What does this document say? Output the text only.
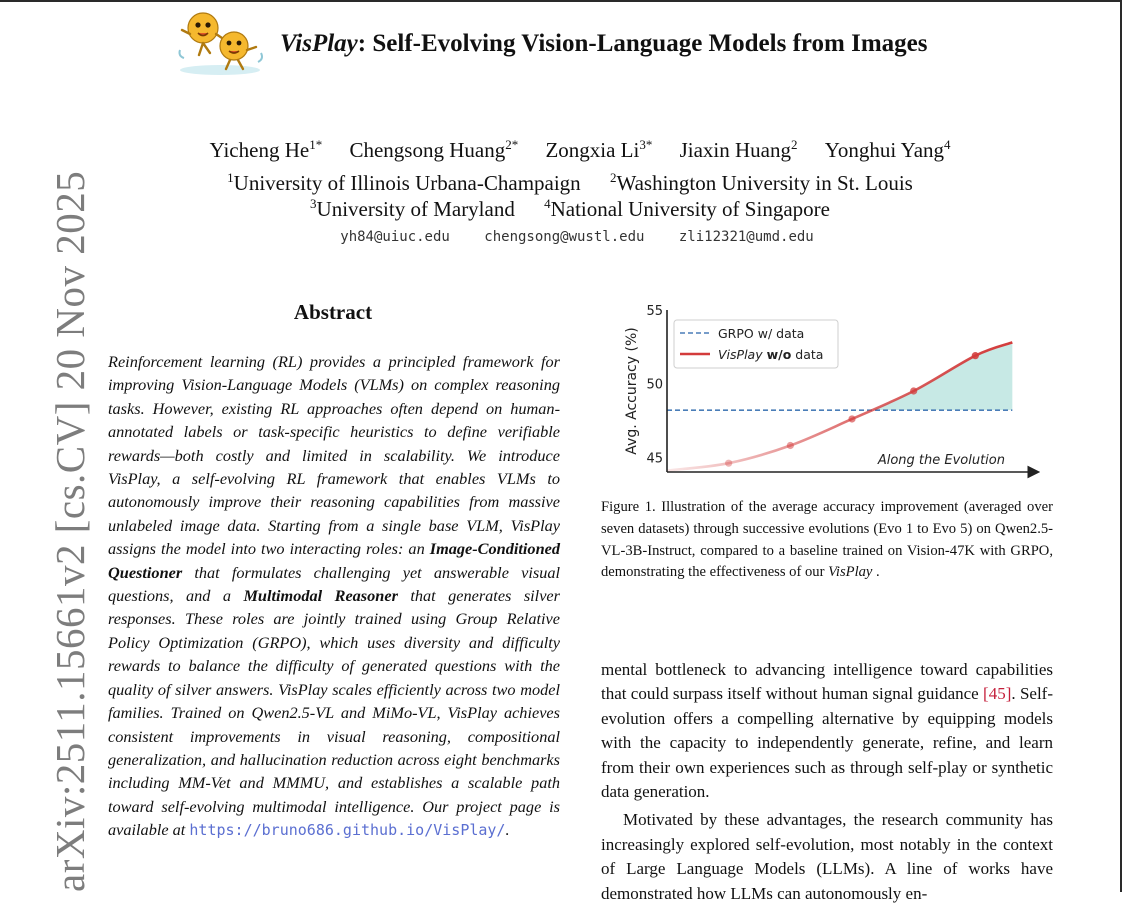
arXiv:2511.15661v2 [cs.CV] 20 Nov 2025
VisPlay: Self-Evolving Vision-Language Models from Images
Yicheng $He^{1*}$ Chengsong Huang$^{2*}$ Zongxia $Li^{3*}$ Jiaxin Huang$^2$ Yonghui Yang$^4$
$^1$University of Illinois Urbana-Champaign $^2$Washington University in St. Louis
$^3$University of Maryland $^4$National University of Singapore
yh84@uiuc.edu chengsong@wustl.edu zli12321@umd.edu
Abstract
Reinforcement learning (RL) provides a principled framework for improving Vision-Language Models (VLMs) on complex reasoning tasks. However, existing RL approaches often depend on human-annotated labels or task-specific heuristics to define verifiable rewards—both costly and limited in scalability. We introduce VisPlay, a self-evolving RL framework that enables VLMs to autonomously improve their reasoning capabilities from massive unlabeled image data. Starting from a single base VLM, VisPlay assigns the model into two interacting roles: an Image-Conditioned Questioner that formulates challenging yet answerable visual questions, and a Multimodal Reasoner that generates silver responses. These roles are jointly trained using Group Relative Policy Optimization (GRPO), which uses diversity and difficulty rewards to balance the difficulty of generated questions with the quality of silver answers. VisPlay scales efficiently across two model families. Trained on Qwen2.5-VL and MiMo-VL, VisPlay achieves consistent improvements in visual reasoning, compositional generalization, and hallucination reduction across eight benchmarks including MM-Vet and MMMU, and establishes a scalable path toward self-evolving multimodal intelligence. Our project page is available at https://bruno686.github.io/VisPlay/.
45
50
55
Avg. Accuracy (%)
Along the Evolution
GRPO w/ data
VisPlay w/o data
Figure 1. Illustration of the average accuracy improvement (averaged over seven datasets) through successive evolutions (Evo 1 to Evo 5) on Qwen2.5-VL-3B-Instruct, compared to a baseline trained on Vision-47K with GRPO, demonstrating the effectiveness of our VisPlay .

mental bottleneck to advancing intelligence toward capabilities that could surpass itself without human signal guidance [45]. Self-evolution offers a compelling alternative by equipping models with the capacity to independently generate, refine, and learn from their own experiences such as through self-play or synthetic data generation.

Motivated by these advantages, the research community has increasingly explored self-evolution, most notably in the context of Large Language Models (LLMs). A line of works have demonstrated how LLMs can autonomously en-
